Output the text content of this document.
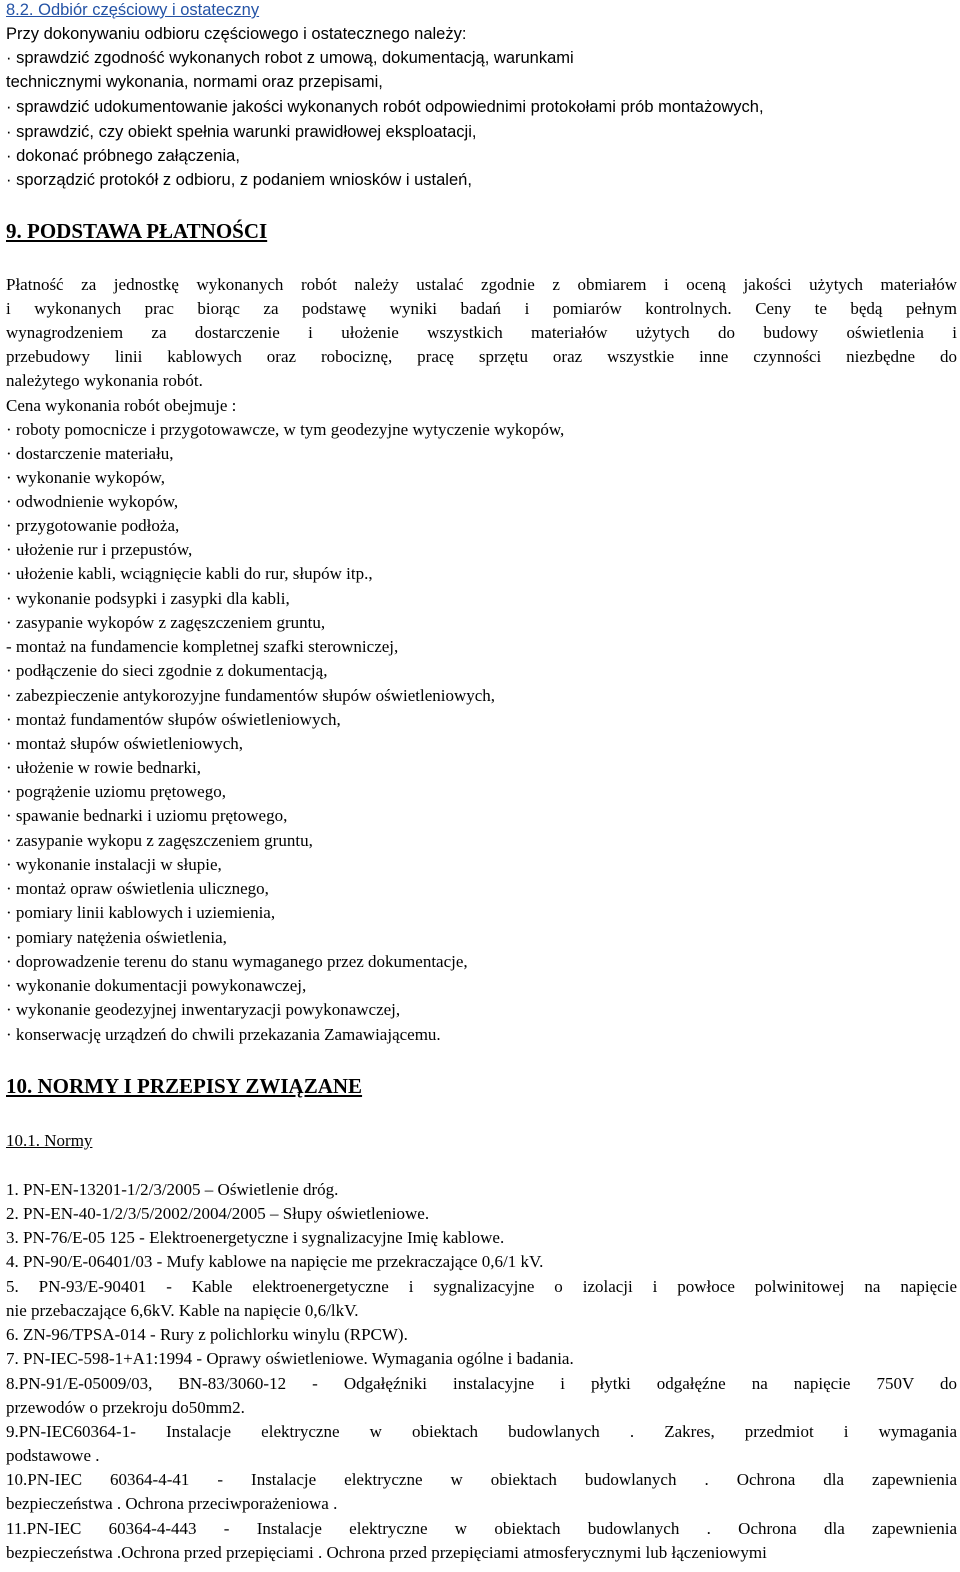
8.2. Odbiór częściowy i ostateczny
Przy dokonywaniu odbioru częściowego i ostatecznego należy:
· sprawdzić zgodność wykonanych robot z umową, dokumentacją, warunkami
technicznymi wykonania, normami oraz przepisami,
· sprawdzić udokumentowanie jakości wykonanych robót odpowiednimi protokołami prób montażowych,
· sprawdzić, czy obiekt spełnia warunki prawidłowej eksploatacji,
· dokonać próbnego załączenia,
· sporządzić protokół z odbioru, z podaniem wniosków i ustaleń,
9. PODSTAWA PŁATNOŚCI
Płatność za jednostkę wykonanych robót należy ustalać zgodnie z obmiarem i oceną jakości użytych materiałów
i wykonanych prac biorąc za podstawę wyniki badań i pomiarów kontrolnych. Ceny te będą pełnym
wynagrodzeniem za dostarczenie i ułożenie wszystkich materiałów użytych do budowy oświetlenia i
przebudowy linii kablowych oraz robociznę, pracę sprzętu oraz wszystkie inne czynności niezbędne do
należytego wykonania robót.
Cena wykonania robót obejmuje :
· roboty pomocnicze i przygotowawcze, w tym geodezyjne wytyczenie wykopów,
· dostarczenie materiału,
· wykonanie wykopów,
· odwodnienie wykopów,
· przygotowanie podłoża,
· ułożenie rur i przepustów,
· ułożenie kabli, wciągnięcie kabli do rur, słupów itp.,
· wykonanie podsypki i zasypki dla kabli,
· zasypanie wykopów z zagęszczeniem gruntu,
- montaż na fundamencie kompletnej szafki sterowniczej,
· podłączenie do sieci zgodnie z dokumentacją,
· zabezpieczenie antykorozyjne fundamentów słupów oświetleniowych,
· montaż fundamentów słupów oświetleniowych,
· montaż słupów oświetleniowych,
· ułożenie w rowie bednarki,
· pogrążenie uziomu prętowego,
· spawanie bednarki i uziomu prętowego,
· zasypanie wykopu z zagęszczeniem gruntu,
· wykonanie instalacji w słupie,
· montaż opraw oświetlenia ulicznego,
· pomiary linii kablowych i uziemienia,
· pomiary natężenia oświetlenia,
· doprowadzenie terenu do stanu wymaganego przez dokumentacje,
· wykonanie dokumentacji powykonawczej,
· wykonanie geodezyjnej inwentaryzacji powykonawczej,
· konserwację urządzeń do chwili przekazania Zamawiającemu.
10. NORMY I PRZEPISY ZWIĄZANE
10.1. Normy
1. PN-EN-13201-1/2/3/2005 – Oświetlenie dróg.
2. PN-EN-40-1/2/3/5/2002/2004/2005 – Słupy oświetleniowe.
3. PN-76/E-05 125 - Elektroenergetyczne i sygnalizacyjne Imię kablowe.
4. PN-90/E-06401/03 - Mufy kablowe na napięcie me przekraczające 0,6/1 kV.
5. PN-93/E-90401 - Kable elektroenergetyczne i sygnalizacyjne o izolacji i powłoce polwinitowej na napięcie
nie przebaczające 6,6kV. Kable na napięcie 0,6/lkV.
6. ZN-96/TPSA-014 - Rury z polichlorku winylu (RPCW).
7. PN-IEC-598-1+A1:1994 - Oprawy oświetleniowe. Wymagania ogólne i badania.
8.PN-91/E-05009/03, BN-83/3060-12 - Odgałęźniki instalacyjne i płytki odgałęźne na napięcie 750V do
przewodów o przekroju do50mm2.
9.PN-IEC60364-1- Instalacje elektryczne w obiektach budowlanych . Zakres, przedmiot i wymagania
podstawowe .
10.PN-IEC 60364-4-41 - Instalacje elektryczne w obiektach budowlanych . Ochrona dla zapewnienia
bezpieczeństwa . Ochrona przeciwporażeniowa .
11.PN-IEC 60364-4-443 - Instalacje elektryczne w obiektach budowlanych . Ochrona dla zapewnienia
bezpieczeństwa .Ochrona przed przepięciami . Ochrona przed przepięciami atmosferycznymi lub łączeniowymi
